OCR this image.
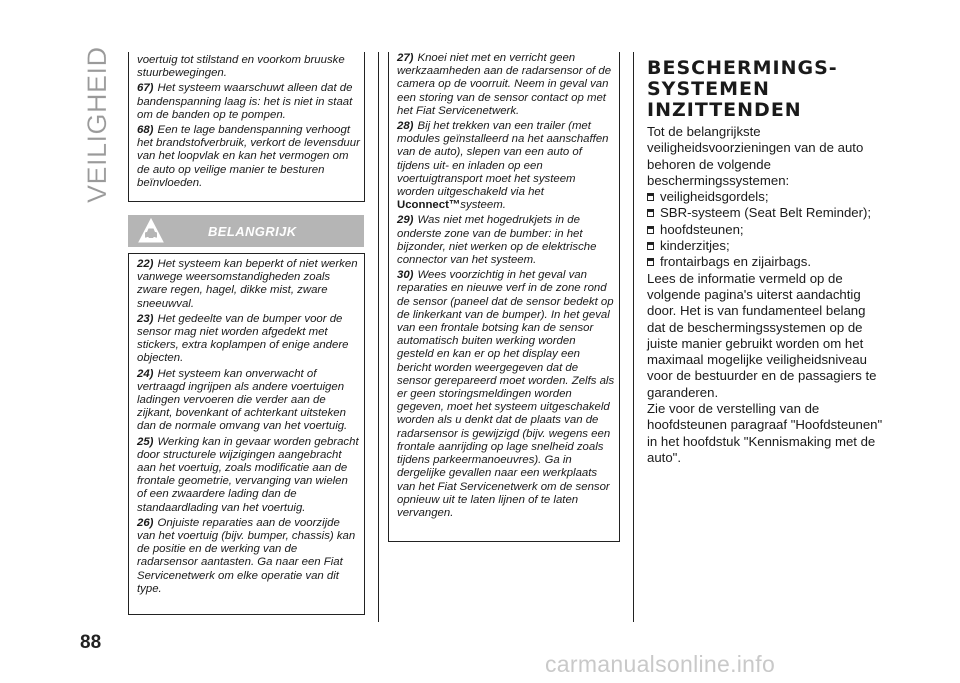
VEILIGHEID voertuig tot stilstand en voorkom bruuske stuurbewegingen.

67) Het systeem waarschuwt alleen dat de bandenspanning laag is: het is niet in staat om de banden op te pompen.

68) Een te lage bandenspanning verhoogt het brandstofverbruik, verkort de levensduur van het loopvlak en kan het vermogen om de auto op veilige manier te besturen beïnvloeden.

BELANGRIJK

22) Het systeem kan beperkt of niet werken vanwege weersomstandigheden zoals zware regen, hagel, dikke mist, zware sneeuwval.

23) Het gedeelte van de bumper voor de sensor mag niet worden afgedekt met stickers, extra koplampen of enige andere objecten.

24) Het systeem kan onverwacht of vertraagd ingrijpen als andere voertuigen ladingen vervoeren die verder aan de zijkant, bovenkant of achterkant uitsteken dan de normale omvang van het voertuig.

25) Werking kan in gevaar worden gebracht door structurele wijzigingen aangebracht aan het voertuig, zoals modificatie aan de frontale geometrie, vervanging van wielen of een zwaardere lading dan de standaardlading van het voertuig.

26) Onjuiste reparaties aan de voorzijde van het voertuig (bijv. bumper, chassis) kan de positie en de werking van de radarsensor aantasten. Ga naar een Fiat Servicenetwerk om elke operatie van dit type.

27) Knoei niet met en verricht geen werkzaamheden aan de radarsensor of de camera op de voorruit. Neem in geval van een storing van de sensor contact op met het Fiat Servicenetwerk.

28) Bij het trekken van een trailer (met modules geïnstalleerd na het aanschaffen van de auto), slepen van een auto of tijdens uit- en inladen op een voertuigtransport moet het systeem worden uitgeschakeld via het Uconnect™systeem.

29) Was niet met hogedrukjets in de onderste zone van de bumber: in het bijzonder, niet werken op de elektrische connector van het systeem.

30) Wees voorzichtig in het geval van reparaties en nieuwe verf in de zone rond de sensor (paneel dat de sensor bedekt op de linkerkant van de bumper). In het geval van een frontale botsing kan de sensor automatisch buiten werking worden gesteld en kan er op het display een bericht worden weergegeven dat de sensor gerepareerd moet worden. Zelfs als er geen storingsmeldingen worden gegeven, moet het systeem uitgeschakeld worden als u denkt dat de plaats van de radarsensor is gewijzigd (bijv. wegens een frontale aanrijding op lage snelheid zoals tijdens parkeermanoeuvres). Ga in dergelijke gevallen naar een werkplaats van het Fiat Servicenetwerk om de sensor opnieuw uit te laten lijnen of te laten vervangen.

BESCHERMINGS-
SYSTEMEN
INZITTENDEN

Tot de belangrijkste veiligheidsvoorzieningen van de auto behoren de volgende beschermingssystemen:

veiligheidsgordels;
SBR-systeem (Seat Belt Reminder);
hoofdsteunen;
kinderzitjes;
frontairbags en zijairbags.

Lees de informatie vermeld op de volgende pagina's uiterst aandachtig door. Het is van fundamenteel belang dat de beschermingssystemen op de juiste manier gebruikt worden om het maximaal mogelijke veiligheidsniveau voor de bestuurder en de passagiers te garanderen.

Zie voor de verstelling van de hoofdsteunen paragraaf "Hoofdsteunen" in het hoofdstuk "Kennismaking met de auto".

88
carmanualsonline.info
